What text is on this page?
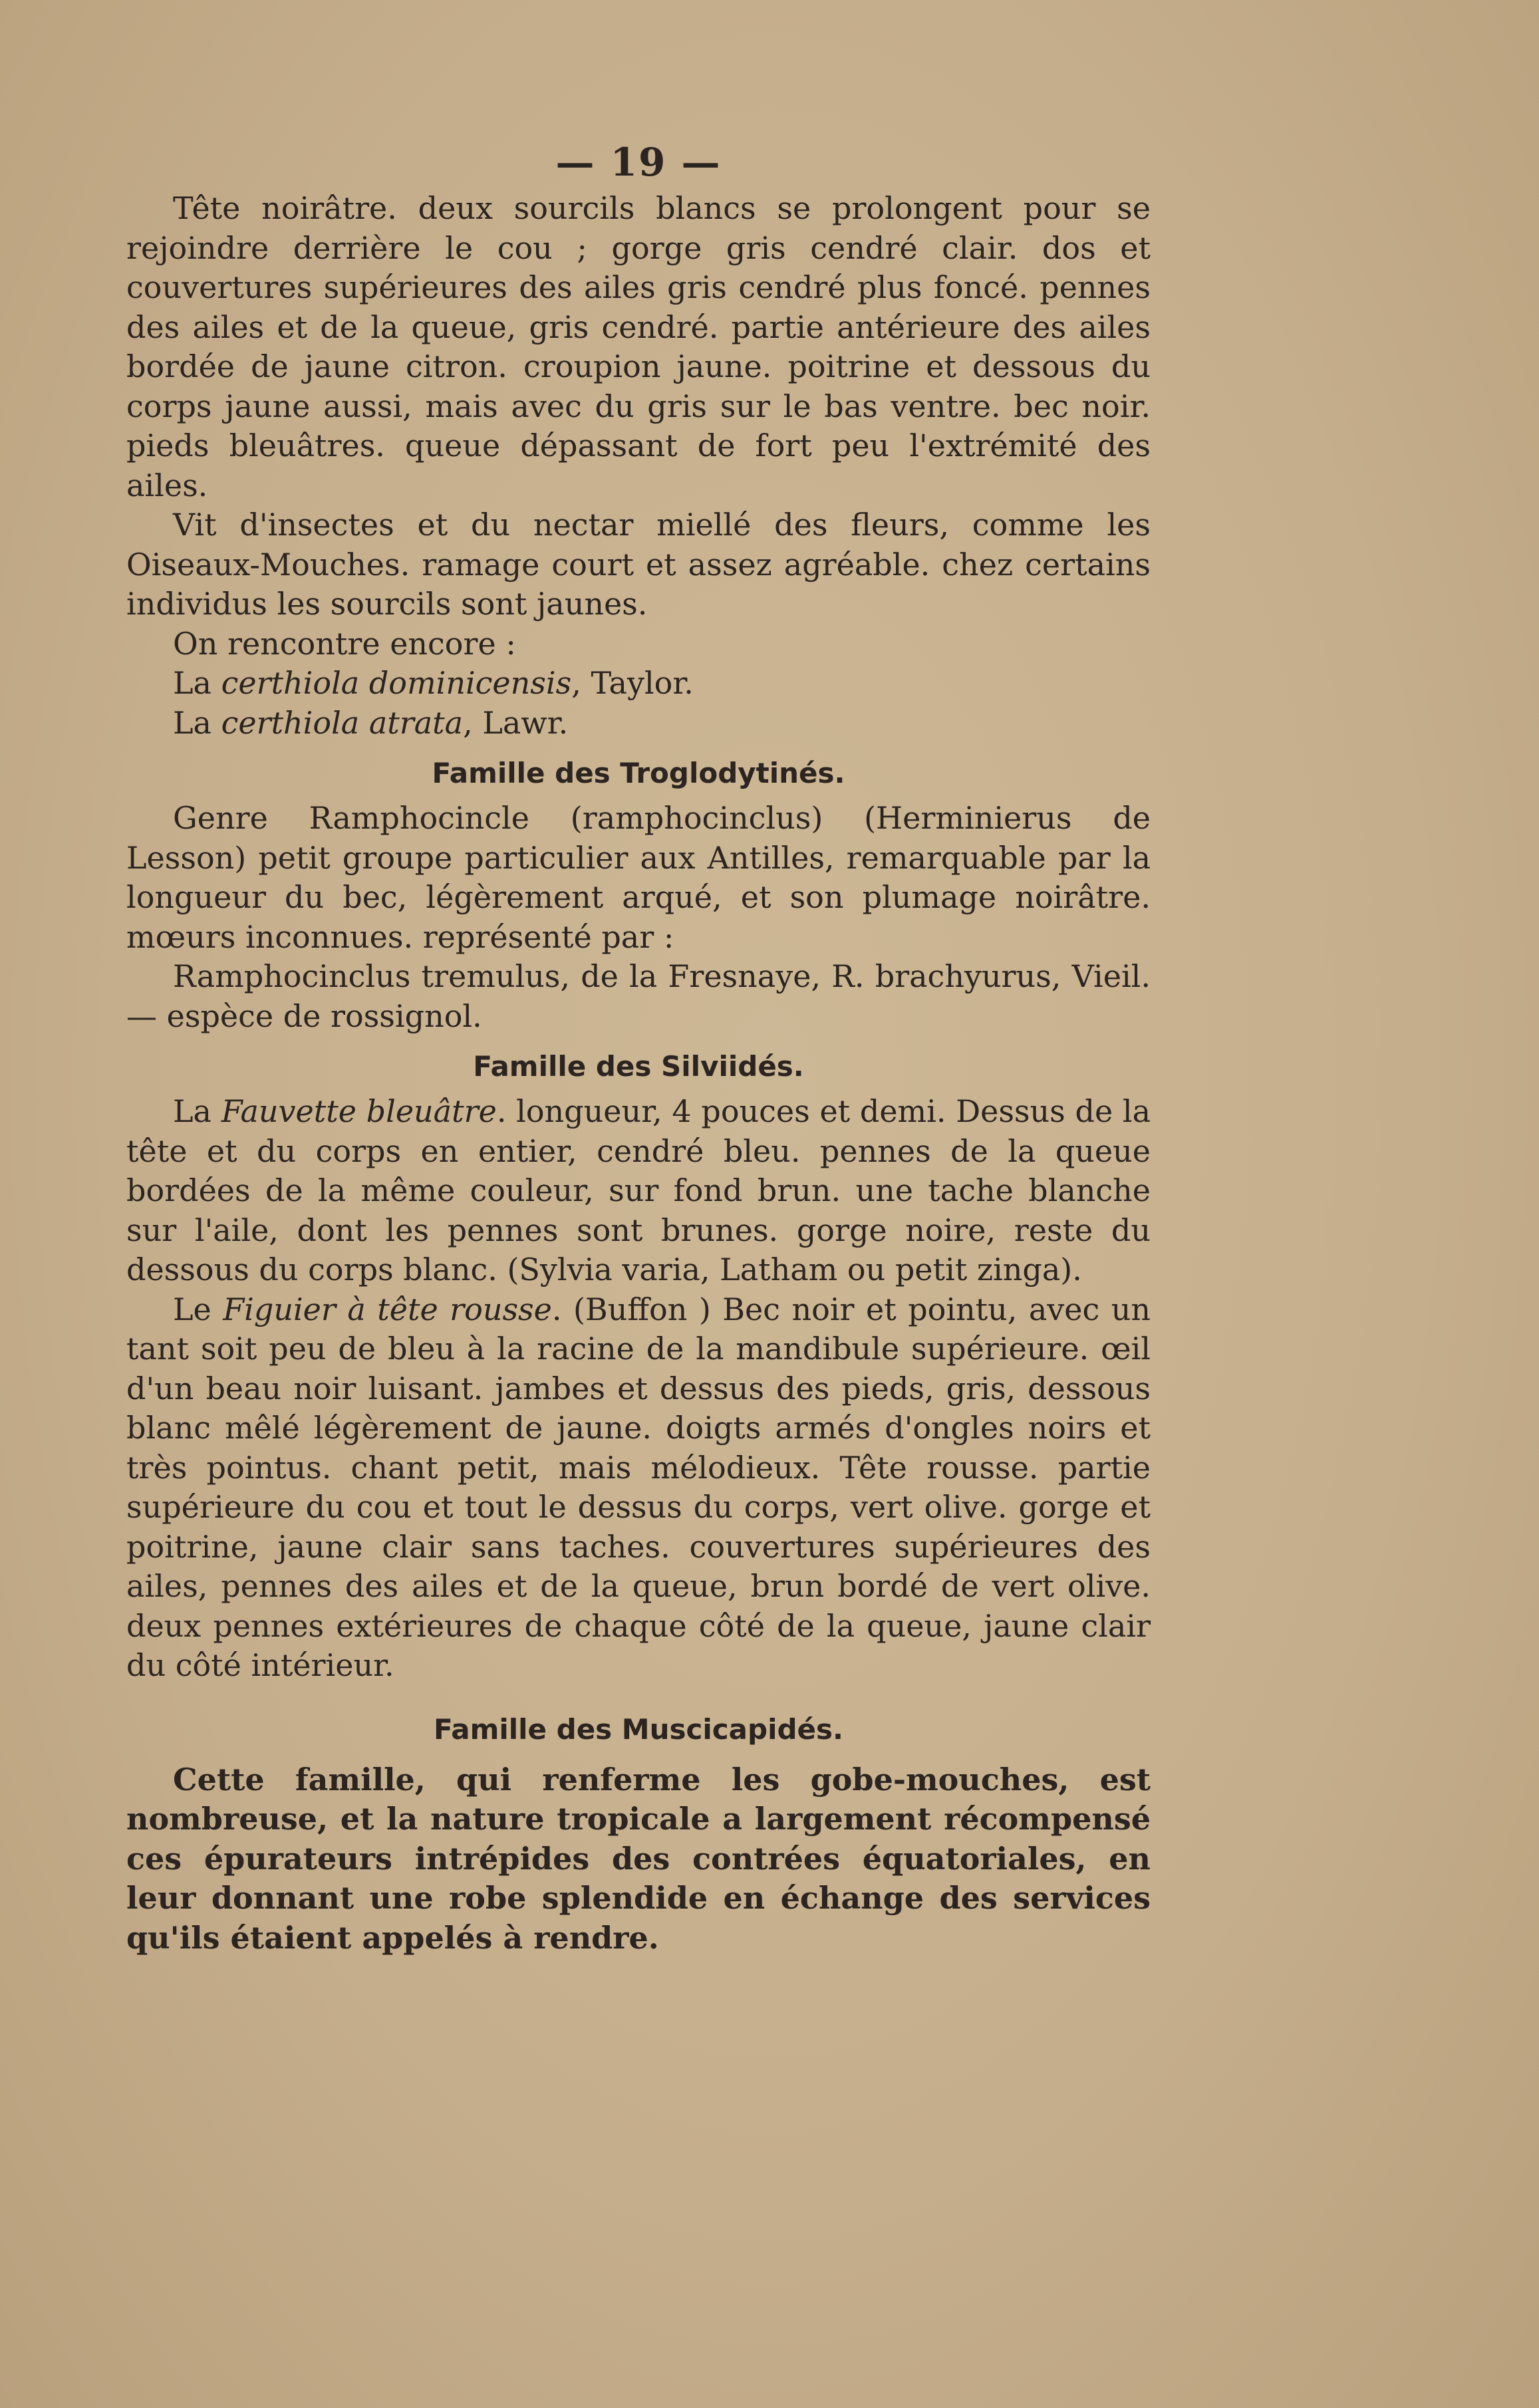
— 19 —

Tête noirâtre. deux sourcils blancs se prolongent pour se rejoindre derrière le cou ; gorge gris cendré clair. dos et couvertures supérieures des ailes gris cendré plus foncé. pennes des ailes et de la queue, gris cendré. partie antérieure des ailes bordée de jaune citron. croupion jaune. poitrine et dessous du corps jaune aussi, mais avec du gris sur le bas ventre. bec noir. pieds bleuâtres. queue dépassant de fort peu l'extrémité des ailes.

Vit d'insectes et du nectar miellé des fleurs, comme les Oiseaux-Mouches. ramage court et assez agréable. chez certains individus les sourcils sont jaunes.

On rencontre encore :

La certhiola dominicensis, Taylor.

La certhiola atrata, Lawr.

Famille des Troglodytinés.

Genre Ramphocincle (ramphocinclus) (Herminierus de Lesson) petit groupe particulier aux Antilles, remarquable par la longueur du bec, légèrement arqué, et son plumage noirâtre. mœurs inconnues. représenté par :

Ramphocinclus tremulus, de la Fresnaye, R. brachyurus, Vieil. — espèce de rossignol.

Famille des Silviidés.

La Fauvette bleuâtre. longueur, 4 pouces et demi. Dessus de la tête et du corps en entier, cendré bleu. pennes de la queue bordées de la même couleur, sur fond brun. une tache blanche sur l'aile, dont les pennes sont brunes. gorge noire, reste du dessous du corps blanc. (Sylvia varia, Latham ou petit zinga).

Le Figuier à tête rousse. (Buffon ) Bec noir et pointu, avec un tant soit peu de bleu à la racine de la mandibule supérieure. œil d'un beau noir luisant. jambes et dessus des pieds, gris, dessous blanc mêlé légèrement de jaune. doigts armés d'ongles noirs et très pointus. chant petit, mais mélodieux. Tête rousse. partie supérieure du cou et tout le dessus du corps, vert olive. gorge et poitrine, jaune clair sans taches. couvertures supérieures des ailes, pennes des ailes et de la queue, brun bordé de vert olive. deux pennes extérieures de chaque côté de la queue, jaune clair du côté intérieur.

Famille des Muscicapidés.

Cette famille, qui renferme les gobe-mouches, est nombreuse, et la nature tropicale a largement récompensé ces épurateurs intrépides des contrées équatoriales, en leur donnant une robe splendide en échange des services qu'ils étaient appelés à rendre.
